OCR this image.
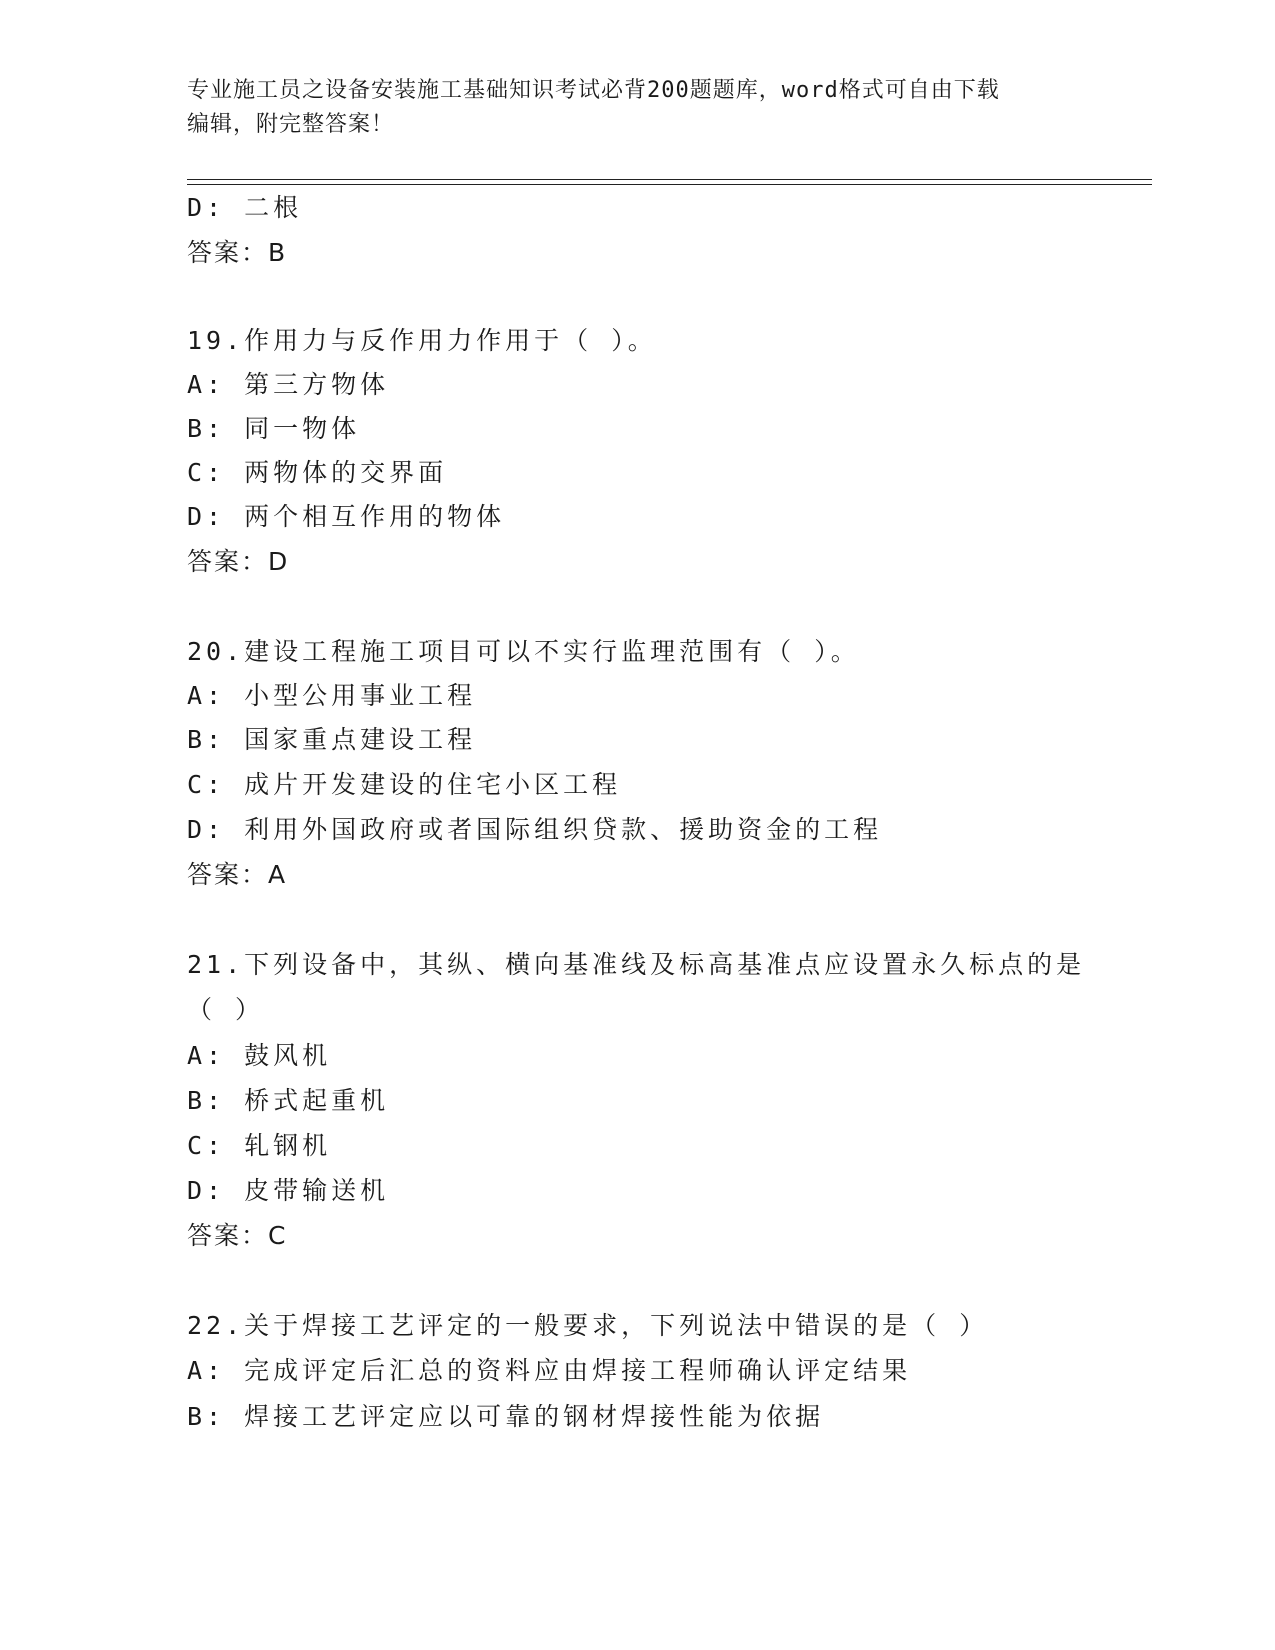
专业施工员之设备安装施工基础知识考试必背200题题库，word格式可自由下载
编辑，附完整答案！
D: 二根
答案：B
19.作用力与反作用力作用于（ ）。
A: 第三方物体
B: 同一物体
C: 两物体的交界面
D: 两个相互作用的物体
答案：D
20.建设工程施工项目可以不实行监理范围有（ ）。
A: 小型公用事业工程
B: 国家重点建设工程
C: 成片开发建设的住宅小区工程
D: 利用外国政府或者国际组织贷款、援助资金的工程
答案：A
21.下列设备中，其纵、横向基准线及标高基准点应设置永久标点的是
（ ）
A: 鼓风机
B: 桥式起重机
C: 轧钢机
D: 皮带输送机
答案：C
22.关于焊接工艺评定的一般要求，下列说法中错误的是（ ）
A: 完成评定后汇总的资料应由焊接工程师确认评定结果
B: 焊接工艺评定应以可靠的钢材焊接性能为依据
